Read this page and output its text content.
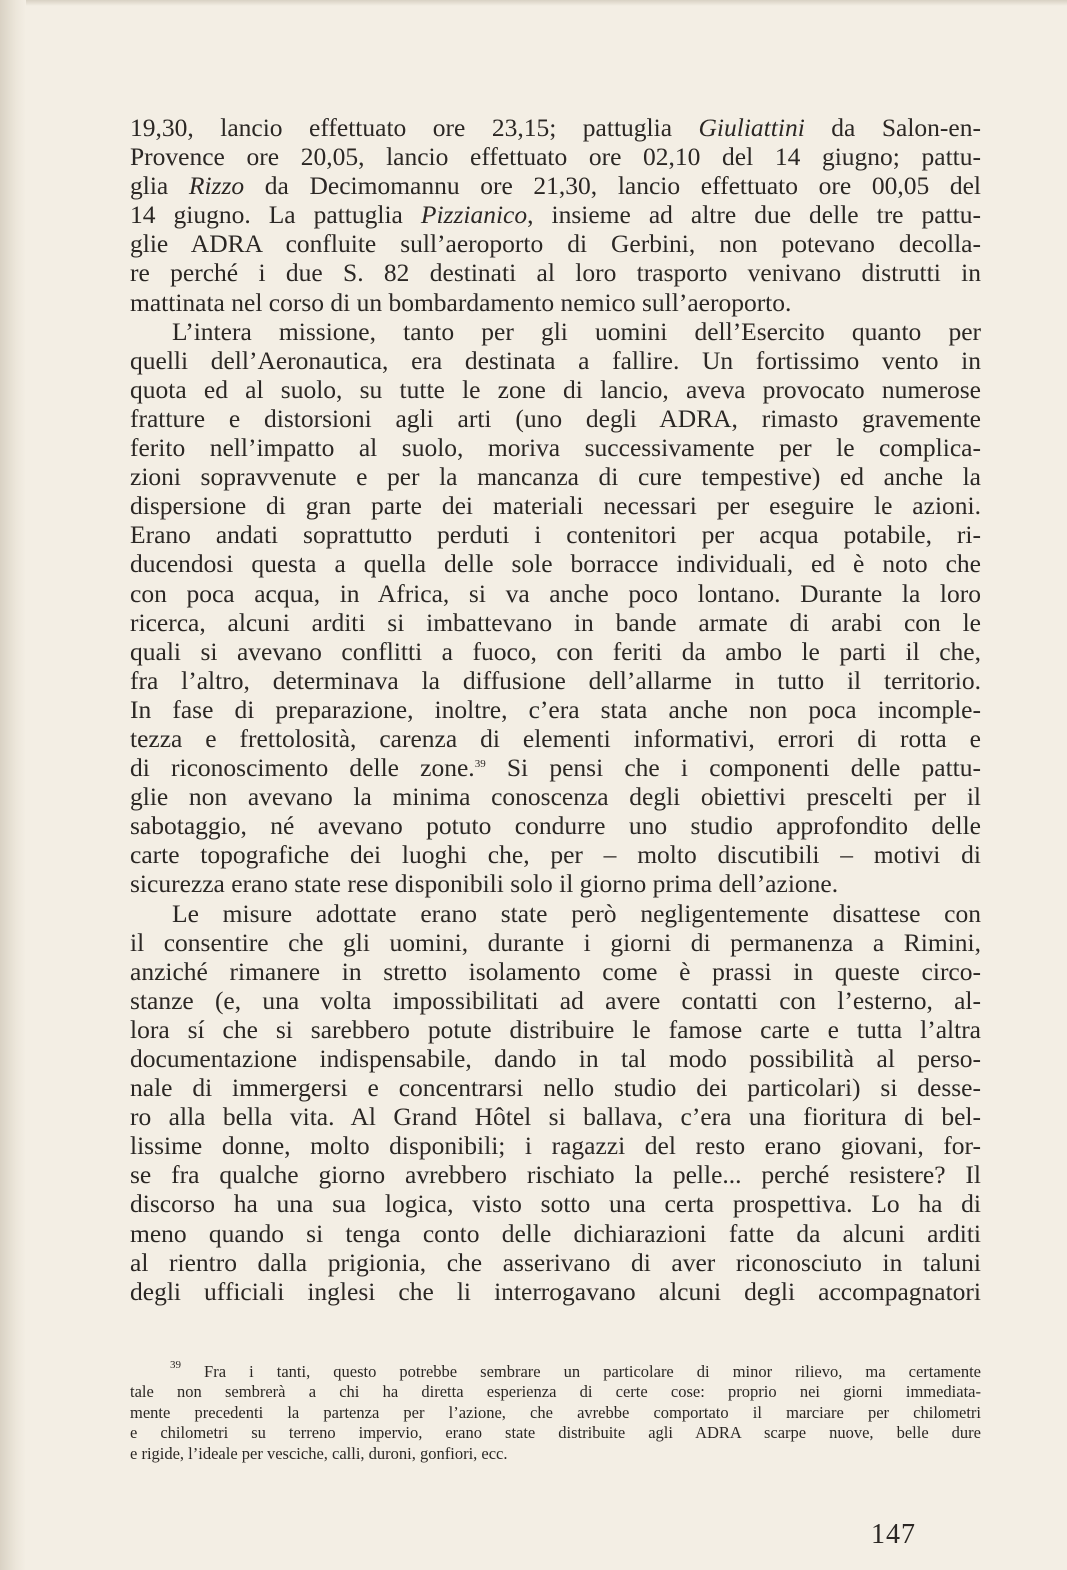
19,30, lancio effettuato ore 23,15; pattuglia Giuliattini da Salon-en-
Provence ore 20,05, lancio effettuato ore 02,10 del 14 giugno; pattu-
glia Rizzo da Decimomannu ore 21,30, lancio effettuato ore 00,05 del
14 giugno. La pattuglia Pizzianico, insieme ad altre due delle tre pattu-
glie ADRA confluite sull’aeroporto di Gerbini, non potevano decolla-
re perché i due S. 82 destinati al loro trasporto venivano distrutti in
mattinata nel corso di un bombardamento nemico sull’aeroporto.
L’intera missione, tanto per gli uomini dell’Esercito quanto per
quelli dell’Aeronautica, era destinata a fallire. Un fortissimo vento in
quota ed al suolo, su tutte le zone di lancio, aveva provocato numerose
fratture e distorsioni agli arti (uno degli ADRA, rimasto gravemente
ferito nell’impatto al suolo, moriva successivamente per le complica-
zioni sopravvenute e per la mancanza di cure tempestive) ed anche la
dispersione di gran parte dei materiali necessari per eseguire le azioni.
Erano andati soprattutto perduti i contenitori per acqua potabile, ri-
ducendosi questa a quella delle sole borracce individuali, ed è noto che
con poca acqua, in Africa, si va anche poco lontano. Durante la loro
ricerca, alcuni arditi si imbattevano in bande armate di arabi con le
quali si avevano conflitti a fuoco, con feriti da ambo le parti il che,
fra l’altro, determinava la diffusione dell’allarme in tutto il territorio.
In fase di preparazione, inoltre, c’era stata anche non poca incomple-
tezza e frettolosità, carenza di elementi informativi, errori di rotta e
di riconoscimento delle zone.$^{39}$ Si pensi che i componenti delle pattu-
glie non avevano la minima conoscenza degli obiettivi prescelti per il
sabotaggio, né avevano potuto condurre uno studio approfondito delle
carte topografiche dei luoghi che, per – molto discutibili – motivi di
sicurezza erano state rese disponibili solo il giorno prima dell’azione.
Le misure adottate erano state però negligentemente disattese con
il consentire che gli uomini, durante i giorni di permanenza a Rimini,
anziché rimanere in stretto isolamento come è prassi in queste circo-
stanze (e, una volta impossibilitati ad avere contatti con l’esterno, al-
lora sí che si sarebbero potute distribuire le famose carte e tutta l’altra
documentazione indispensabile, dando in tal modo possibilità al perso-
nale di immergersi e concentrarsi nello studio dei particolari) si desse-
ro alla bella vita. Al Grand Hôtel si ballava, c’era una fioritura di bel-
lissime donne, molto disponibili; i ragazzi del resto erano giovani, for-
se fra qualche giorno avrebbero rischiato la pelle... perché resistere? Il
discorso ha una sua logica, visto sotto una certa prospettiva. Lo ha di
meno quando si tenga conto delle dichiarazioni fatte da alcuni arditi
al rientro dalla prigionia, che asserivano di aver riconosciuto in taluni
degli ufficiali inglesi che li interrogavano alcuni degli accompagnatori
$^{39}$ Fra i tanti, questo potrebbe sembrare un particolare di minor rilievo, ma certamente
tale non sembrerà a chi ha diretta esperienza di certe cose: proprio nei giorni immediata-
mente precedenti la partenza per l’azione, che avrebbe comportato il marciare per chilometri
e chilometri su terreno impervio, erano state distribuite agli ADRA scarpe nuove, belle dure
e rigide, l’ideale per vesciche, calli, duroni, gonfiori, ecc.
147
